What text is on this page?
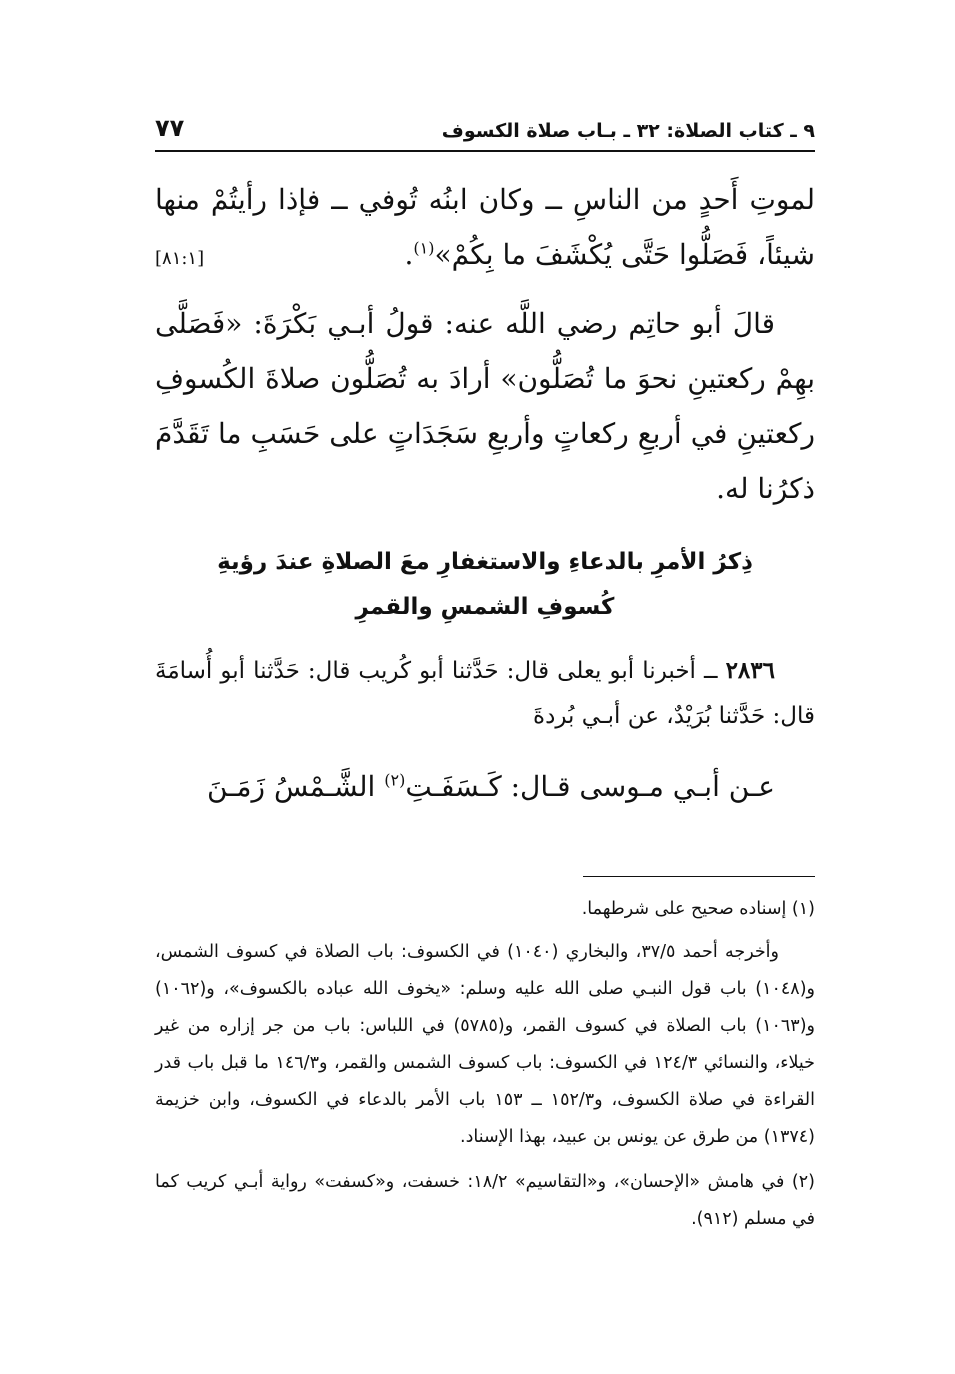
٩ ـ كتاب الصلاة: ٣٢ ـ بـاب صلاة الكسوف
٧٧

لموتِ أَحدٍ من الناسِ ــ وكان ابنُه تُوفي ــ فإذا رأيتُمْ منها شيئاً، فَصَلُّوا حَتَّى يُكْشَفَ ما بِكُمْ»$^{(١)}$.
[٨١:١]

قالَ أبو حاتِم رضي اللَّه عنه: قولُ أبـي بَكْرَةَ: «فَصَلَّى بهِمْ ركعتينِ نحوَ ما تُصَلُّون» أرادَ به تُصَلُّون صلاةَ الكُسوفِ ركعتينِ في أربعِ ركعاتٍ وأربعِ سَجَدَاتٍ على حَسَبِ ما تَقَدَّمَ ذكرُنا له.

ذِكرُ الأمرِ بالدعاءِ والاستغفارِ معَ الصلاةِ عندَ رؤيةِ
كُسوفِ الشمسِ والقمرِ

٢٨٣٦ ــ أخبرنا أبو يعلى قال: حَدَّثنا أبو كُريب قال: حَدَّثنا أبو أُسامَةَ قال: حَدَّثنا بُرَيْدٌ، عن أبـي بُردةَ

عـن أبـي مـوسى قـال: كَـسَفَـتِ$^{(٢)}$ الشَّـمْسُ زَمَـنَ

(١) إسناده صحيح على شرطهما.

وأخرجه أحمد ٣٧/٥، والبخاري (١٠٤٠) في الكسوف: باب الصلاة في كسوف الشمس، و(١٠٤٨) باب قول النبـي صلى الله عليه وسلم: «يخوف الله عباده بالكسوف»، و(١٠٦٢) و(١٠٦٣) باب الصلاة في كسوف القمر، و(٥٧٨٥) في اللباس: باب من جر إزاره من غير خيلاء، والنسائي ١٢٤/٣ في الكسوف: باب كسوف الشمس والقمر، و١٤٦/٣ ما قبل باب قدر القراءة في صلاة الكسوف، و١٥٢/٣ ــ ١٥٣ باب الأمر بالدعاء في الكسوف، وابن خزيمة (١٣٧٤) من طرق عن يونس بن عبيد، بهذا الإسناد.

(٢) في هامش «الإحسان»، و«التقاسيم» ١٨/٢: خسفت، و«كسفت» رواية أبـي كريب كما في مسلم (٩١٢).
